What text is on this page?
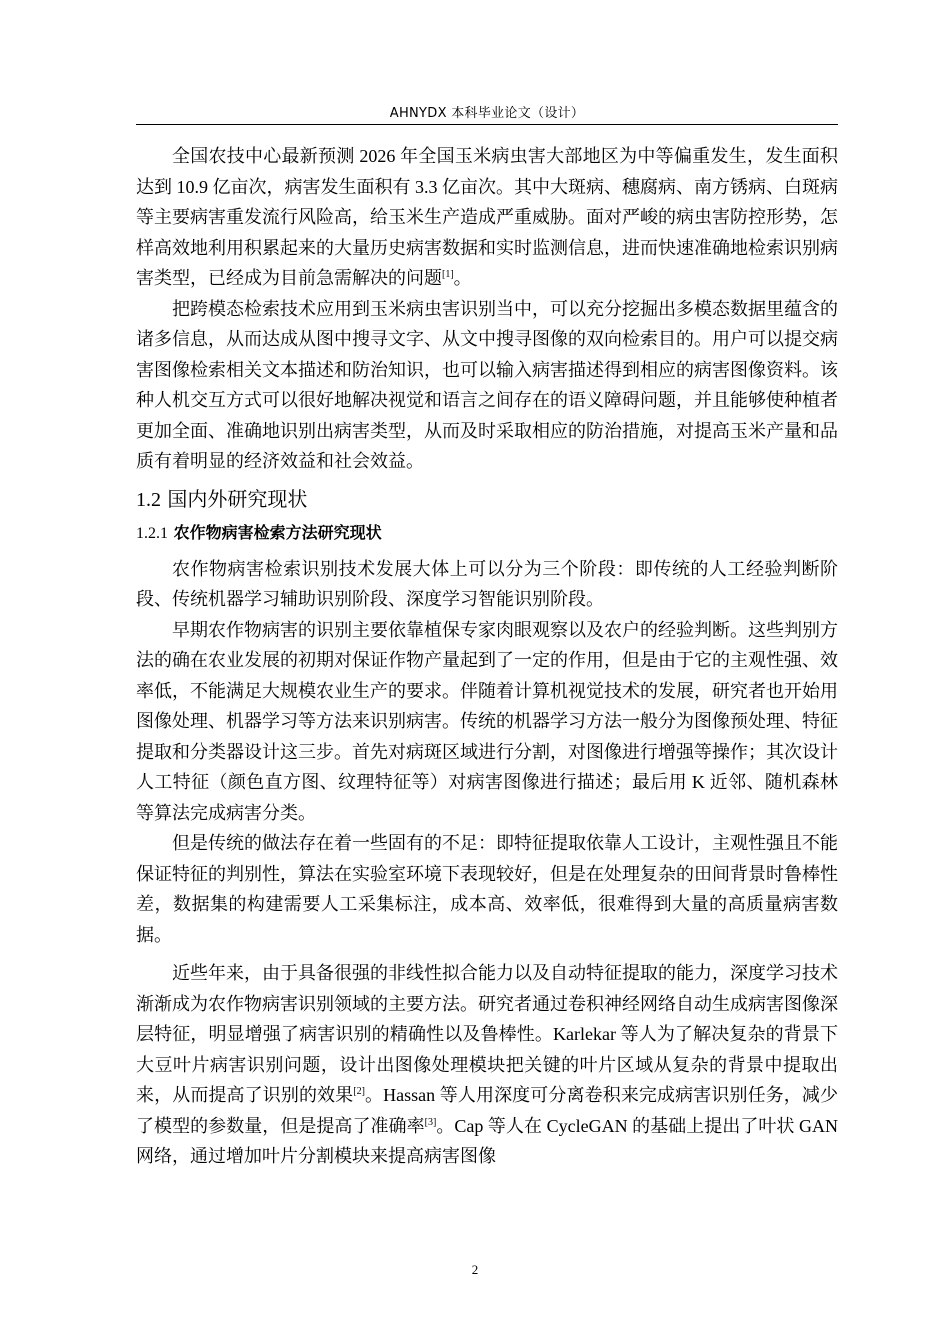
AHNYDX 本科毕业论文（设计）

全国农技中心最新预测 2026 年全国玉米病虫害大部地区为中等偏重发生，发生面积达到 10.9 亿亩次，病害发生面积有 3.3 亿亩次。其中大斑病、穗腐病、南方锈病、白斑病等主要病害重发流行风险高，给玉米生产造成严重威胁。面对严峻的病虫害防控形势，怎样高效地利用积累起来的大量历史病害数据和实时监测信息，进而快速准确地检索识别病害类型，已经成为目前急需解决的问题[1]。

把跨模态检索技术应用到玉米病虫害识别当中，可以充分挖掘出多模态数据里蕴含的诸多信息，从而达成从图中搜寻文字、从文中搜寻图像的双向检索目的。用户可以提交病害图像检索相关文本描述和防治知识，也可以输入病害描述得到相应的病害图像资料。该种人机交互方式可以很好地解决视觉和语言之间存在的语义障碍问题，并且能够使种植者更加全面、准确地识别出病害类型，从而及时采取相应的防治措施，对提高玉米产量和品质有着明显的经济效益和社会效益。

1.2 国内外研究现状
1.2.1 农作物病害检索方法研究现状

农作物病害检索识别技术发展大体上可以分为三个阶段：即传统的人工经验判断阶段、传统机器学习辅助识别阶段、深度学习智能识别阶段。

早期农作物病害的识别主要依靠植保专家肉眼观察以及农户的经验判断。这些判别方法的确在农业发展的初期对保证作物产量起到了一定的作用，但是由于它的主观性强、效率低，不能满足大规模农业生产的要求。伴随着计算机视觉技术的发展，研究者也开始用图像处理、机器学习等方法来识别病害。传统的机器学习方法一般分为图像预处理、特征提取和分类器设计这三步。首先对病斑区域进行分割，对图像进行增强等操作；其次设计人工特征（颜色直方图、纹理特征等）对病害图像进行描述；最后用 K 近邻、随机森林等算法完成病害分类。

但是传统的做法存在着一些固有的不足：即特征提取依靠人工设计，主观性强且不能保证特征的判别性，算法在实验室环境下表现较好，但是在处理复杂的田间背景时鲁棒性差，数据集的构建需要人工采集标注，成本高、效率低，很难得到大量的高质量病害数据。

近些年来，由于具备很强的非线性拟合能力以及自动特征提取的能力，深度学习技术渐渐成为农作物病害识别领域的主要方法。研究者通过卷积神经网络自动生成病害图像深层特征，明显增强了病害识别的精确性以及鲁棒性。Karlekar 等人为了解决复杂的背景下大豆叶片病害识别问题，设计出图像处理模块把关键的叶片区域从复杂的背景中提取出来，从而提高了识别的效果[2]。Hassan 等人用深度可分离卷积来完成病害识别任务，减少了模型的参数量，但是提高了准确率[3]。Cap 等人在 CycleGAN 的基础上提出了叶状 GAN 网络，通过增加叶片分割模块来提高病害图像

2
